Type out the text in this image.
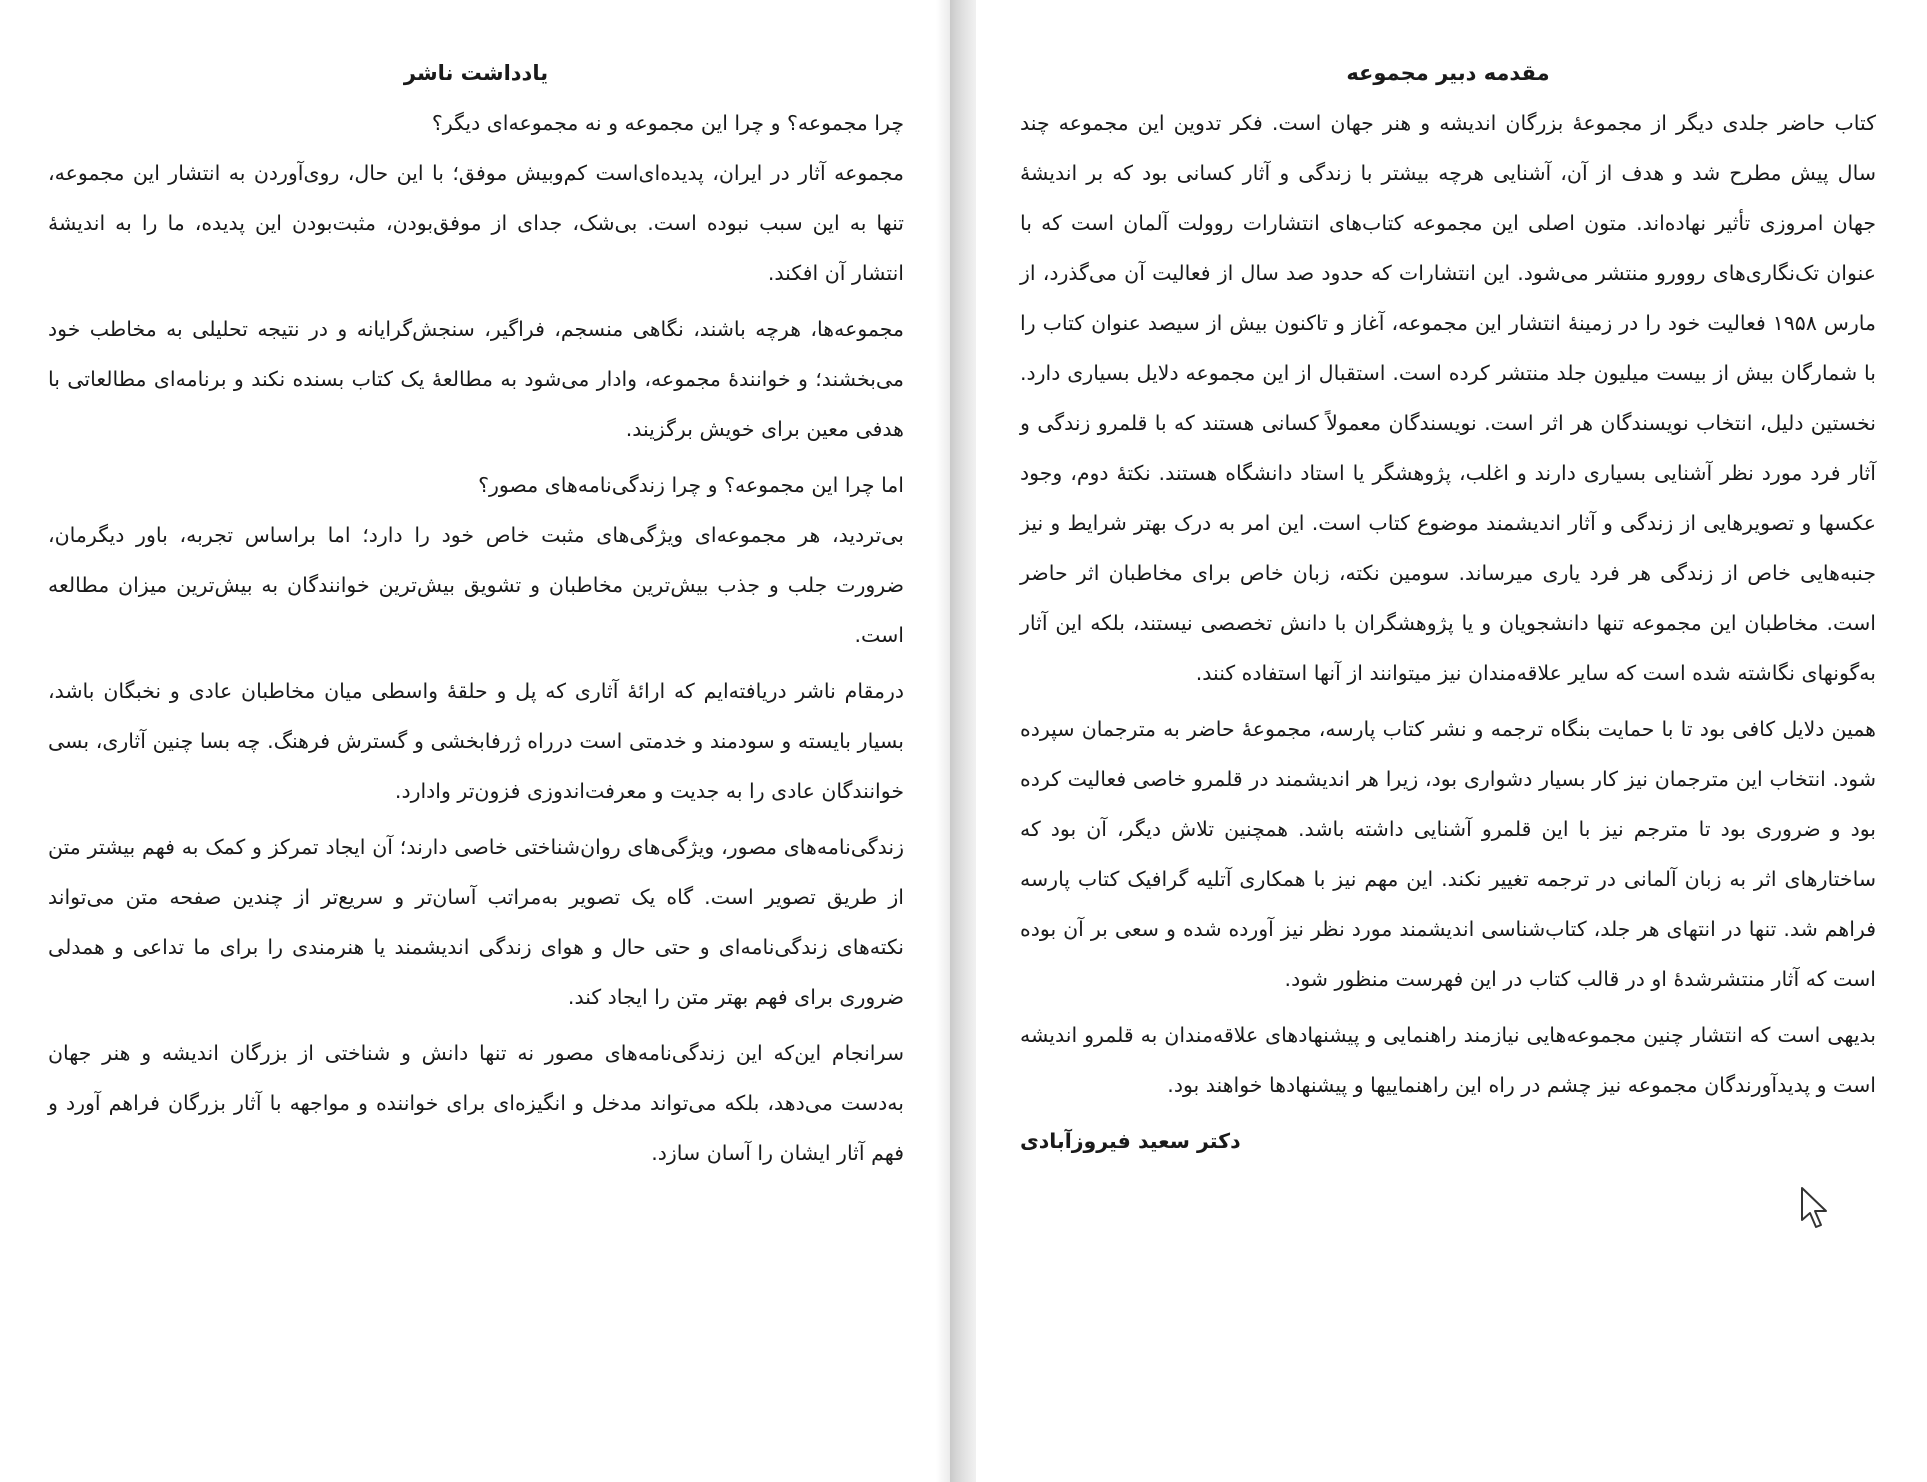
یادداشت ناشر

چرا مجموعه؟ و چرا این مجموعه و نه مجموعه‌ای دیگر؟

مجموعه آثار در ایران، پدیده‌ای‌است کم‌وبیش موفق؛ با این حال، روی‌آوردن به انتشار این مجموعه، تنها به این سبب نبوده است. بی‌شک، جدای از موفق‌بودن، مثبت‌بودن این پدیده، ما را به اندیشهٔ انتشار آن افکند.

مجموعه‌ها، هرچه باشند، نگاهی منسجم، فراگیر، سنجش‌گرایانه و در نتیجه تحلیلی به مخاطب خود می‌بخشند؛ و خوانندهٔ مجموعه، وادار می‌شود به مطالعهٔ یک کتاب بسنده نکند و برنامه‌ای مطالعاتی با هدفی معین برای خویش برگزیند.

اما چرا این مجموعه؟ و چرا زندگی‌نامه‌های مصور؟

بی‌تردید، هر مجموعه‌ای ویژگی‌های مثبت خاص خود را دارد؛ اما براساس تجربه، باور دیگرمان، ضرورت جلب و جذب بیش‌ترین مخاطبان و تشویق بیش‌ترین خوانندگان به بیش‌ترین میزان مطالعه است.

درمقام ناشر دریافته‌ایم که ارائهٔ آثاری که پل و حلقهٔ واسطی میان مخاطبان عادی و نخبگان باشد، بسیار بایسته و سودمند و خدمتی است درراه ژرفابخشی و گسترش فرهنگ. چه بسا چنین آثاری، بسی خوانندگان عادی را به جدیت و معرفت‌اندوزی فزون‌تر وادارد.

زندگی‌نامه‌های مصور، ویژگی‌های روان‌شناختی خاصی دارند؛ آن ایجاد تمرکز و کمک به فهم بیشتر متن از طریق تصویر است. گاه یک تصویر به‌مراتب آسان‌تر و سریع‌تر از چندین صفحه متن می‌تواند نکته‌های زندگی‌نامه‌ای و حتی حال و هوای زندگی اندیشمند یا هنرمندی را برای ما تداعی و همدلی ضروری برای فهم بهتر متن را ایجاد کند.

سرانجام این‌که این زندگی‌نامه‌های مصور نه تنها دانش و شناختی از بزرگان اندیشه و هنر جهان به‌دست می‌دهد، بلکه می‌تواند مدخل و انگیزه‌ای برای خواننده و مواجهه با آثار بزرگان فراهم آورد و فهم آثار ایشان را آسان سازد.

مقدمه دبیر مجموعه

کتاب حاضر جلدی دیگر از مجموعهٔ بزرگان اندیشه و هنر جهان است. فکر تدوین این مجموعه چند سال پیش مطرح شد و هدف از آن، آشنایی هرچه بیشتر با زندگی و آثار کسانی بود که بر اندیشهٔ جهان امروزی تأثیر نهاده‌اند. متون اصلی این مجموعه کتاب‌های انتشارات روولت آلمان است که با عنوان تک‌نگاری‌های روورو منتشر می‌شود. این انتشارات که حدود صد سال از فعالیت آن می‌گذرد، از مارس ۱۹۵۸ فعالیت خود را در زمینهٔ انتشار این مجموعه، آغاز و تاکنون بیش از سیصد عنوان کتاب را با شمارگان بیش از بیست میلیون جلد منتشر کرده است. استقبال از این مجموعه دلایل بسیاری دارد. نخستین دلیل، انتخاب نویسندگان هر اثر است. نویسندگان معمولاً کسانی هستند که با قلمرو زندگی و آثار فرد مورد نظر آشنایی بسیاری دارند و اغلب، پژوهشگر یا استاد دانشگاه هستند. نکتهٔ دوم، وجود عکسها و تصویرهایی از زندگی و آثار اندیشمند موضوع کتاب است. این امر به درک بهتر شرایط و نیز جنبه‌هایی خاص از زندگی هر فرد یاری میرساند. سومین نکته، زبان خاص برای مخاطبان اثر حاضر است. مخاطبان این مجموعه تنها دانشجویان و یا پژوهشگران با دانش تخصصی نیستند، بلکه این آثار به‌گونهای نگاشته شده است که سایر علاقه‌مندان نیز میتوانند از آنها استفاده کنند.

همین دلایل کافی بود تا با حمایت بنگاه ترجمه و نشر کتاب پارسه، مجموعهٔ حاضر به مترجمان سپرده شود. انتخاب این مترجمان نیز کار بسیار دشواری بود، زیرا هر اندیشمند در قلمرو خاصی فعالیت کرده بود و ضروری بود تا مترجم نیز با این قلمرو آشنایی داشته باشد. همچنین تلاش دیگر، آن بود که ساختارهای اثر به زبان آلمانی در ترجمه تغییر نکند. این مهم نیز با همکاری آتلیه گرافیک کتاب پارسه فراهم شد. تنها در انتهای هر جلد، کتاب‌شناسی اندیشمند مورد نظر نیز آورده شده و سعی بر آن بوده است که آثار منتشرشدهٔ او در قالب کتاب در این فهرست منظور شود.

بدیهی است که انتشار چنین مجموعه‌هایی نیازمند راهنمایی و پیشنهادهای علاقه‌مندان به قلمرو اندیشه است و پدیدآورندگان مجموعه نیز چشم در راه این راهنماییها و پیشنهادها خواهند بود.

دکتر سعید فیروزآبادی
